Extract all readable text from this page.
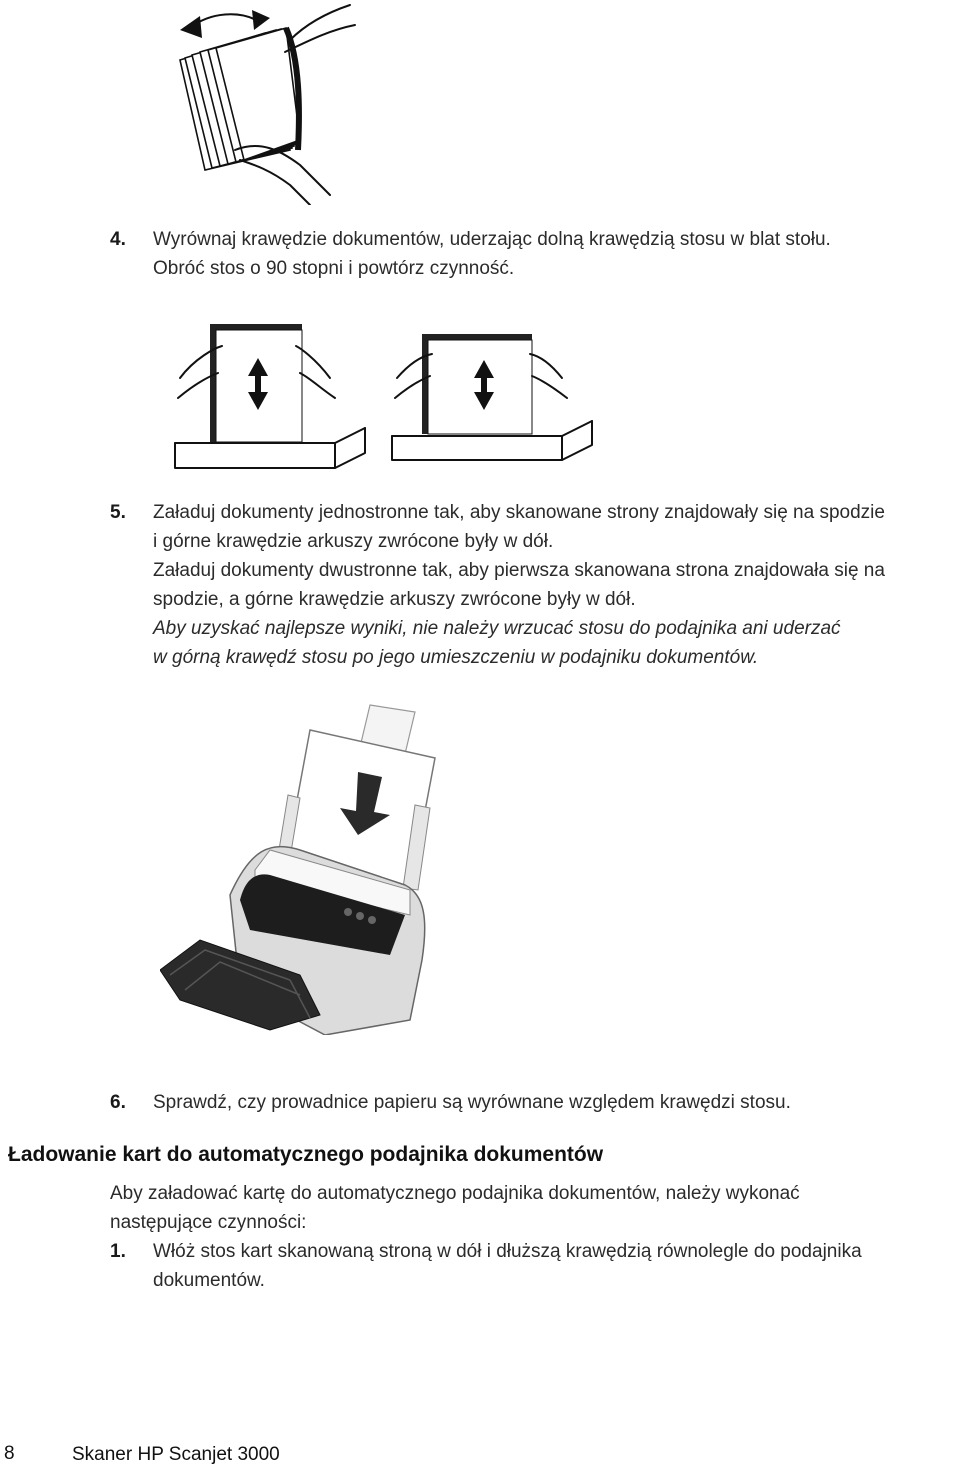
4. Wyrównaj krawędzie dokumentów, uderzając dolną krawędzią stosu w blat stołu.
Obróć stos o 90 stopni i powtórz czynność.
5. Załaduj dokumenty jednostronne tak, aby skanowane strony znajdowały się na spodzie
i górne krawędzie arkuszy zwrócone były w dół.
Załaduj dokumenty dwustronne tak, aby pierwsza skanowana strona znajdowała się na
spodzie, a górne krawędzie arkuszy zwrócone były w dół.
Aby uzyskać najlepsze wyniki, nie należy wrzucać stosu do podajnika ani uderzać
w górną krawędź stosu po jego umieszczeniu w podajniku dokumentów.
6. Sprawdź, czy prowadnice papieru są wyrównane względem krawędzi stosu.
Ładowanie kart do automatycznego podajnika dokumentów
Aby załadować kartę do automatycznego podajnika dokumentów, należy wykonać
następujące czynności:
1. Włóż stos kart skanowaną stroną w dół i dłuższą krawędzią równolegle do podajnika
dokumentów.
8	Skaner HP Scanjet 3000
